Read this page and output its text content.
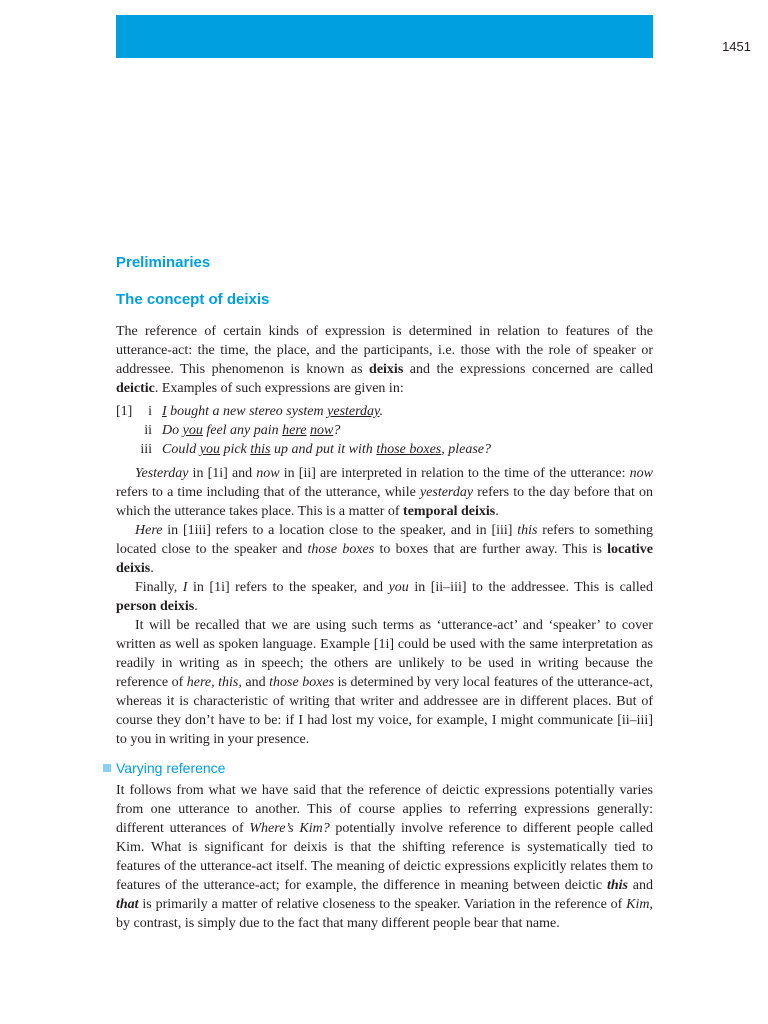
1451
Preliminaries
The concept of deixis

The reference of certain kinds of expression is determined in relation to features of the utterance-act: the time, the place, and the participants, i.e. those with the role of speaker or addressee. This phenomenon is known as deixis and the expressions concerned are called deictic. Examples of such expressions are given in:

[1]	i I bought a new stereo system yesterday.
ii Do you feel any pain here now?
iii Could you pick this up and put it with those boxes, please?

Yesterday in [1i] and now in [ii] are interpreted in relation to the time of the utterance: now refers to a time including that of the utterance, while yesterday refers to the day before that on which the utterance takes place. This is a matter of temporal deixis.

Here in [1iii] refers to a location close to the speaker, and in [iii] this refers to something located close to the speaker and those boxes to boxes that are further away. This is locative deixis.

Finally, I in [1i] refers to the speaker, and you in [ii–iii] to the addressee. This is called person deixis.

It will be recalled that we are using such terms as ‘utterance-act’ and ‘speaker’ to cover written as well as spoken language. Example [1i] could be used with the same interpretation as readily in writing as in speech; the others are unlikely to be used in writing because the reference of here, this, and those boxes is determined by very local features of the utterance-act, whereas it is characteristic of writing that writer and addressee are in different places. But of course they don’t have to be: if I had lost my voice, for example, I might communicate [ii–iii] to you in writing in your presence.

Varying reference

It follows from what we have said that the reference of deictic expressions potentially varies from one utterance to another. This of course applies to referring expressions generally: different utterances of Where’s Kim? potentially involve reference to different people called Kim. What is significant for deixis is that the shifting reference is systematically tied to features of the utterance-act itself. The meaning of deictic expressions explicitly relates them to features of the utterance-act; for example, the difference in meaning between deictic this and that is primarily a matter of relative closeness to the speaker. Variation in the reference of Kim, by contrast, is simply due to the fact that many different people bear that name.
